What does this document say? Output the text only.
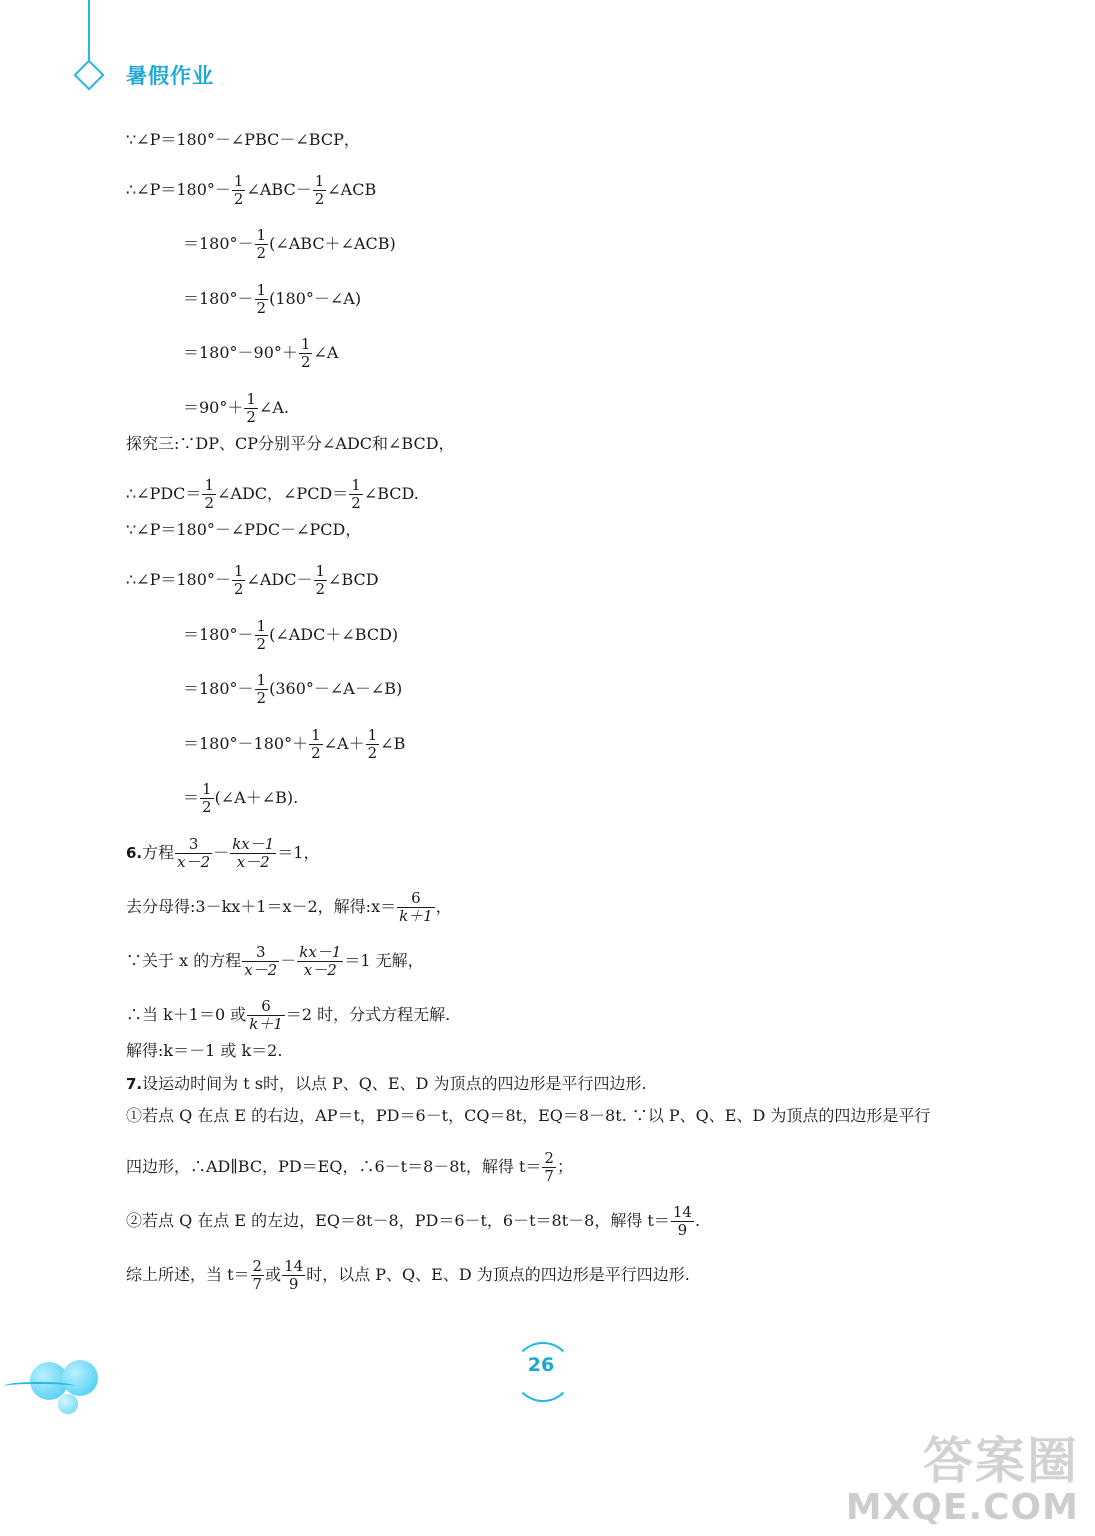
暑假作业
∵∠P＝180°－∠PBC－∠BCP，
∴∠P＝180°－ $\frac{1}{2}$ ∠ABC－ $\frac{1}{2}$ ∠ACB
$=180^\circ- \frac{1}{2}$ (∠ABC＋∠ACB)
$=180^\circ- \frac{1}{2}$ (180°－∠A)
$=180^\circ-90^\circ+ \frac{1}{2}$ ∠A
$=90^\circ+ \frac{1}{2}$ ∠A.
探究三:∵DP、CP分别平分∠ADC和∠BCD，
∴∠PDC＝ $\frac{1}{2}$ ∠ADC，∠PCD＝ $\frac{1}{2}$ ∠BCD.
∵∠P＝180°－∠PDC－∠PCD，
∴∠P＝180°－ $\frac{1}{2}$ ∠ADC－ $\frac{1}{2}$ ∠BCD
$=180^\circ- \frac{1}{2}$ (∠ADC＋∠BCD)
$=180^\circ- \frac{1}{2}$ (360°－∠A－∠B)
$=180^\circ-180^\circ+ \frac{1}{2}$ ∠A＋ $\frac{1}{2}$ ∠B
＝ $\frac{1}{2}$ (∠A＋∠B).
6.方程 $\frac{3}{x-2} - \frac{kx-1}{x-2} =1$，
去分母得:3－kx＋1＝x－2，解得:x＝ $\frac{6}{k+1}$ ，
∵关于 x 的方程 $\frac{3}{x-2} - \frac{kx-1}{x-2} =1$ 无解，
∴当 k＋1＝0 或 $\frac{6}{k+1} =2$ 时，分式方程无解.
解得:k＝－1 或 k＝2.
7.设运动时间为 t s时，以点 P、Q、E、D 为顶点的四边形是平行四边形.
①若点 Q 在点 E 的右边，AP＝t，PD＝6－t，CQ＝8t，EQ＝8－8t. ∵以 P、Q、E、D 为顶点的四边形是平行
四边形，∴AD∥BC，PD＝EQ，∴6－t＝8－8t，解得 $t= \frac{2}{7}$ ；
②若点 Q 在点 E 的左边，EQ＝8t－8，PD＝6－t，6－t＝8t－8，解得 $t= \frac{14}{9}$ .
综上所述，当 $t= \frac{2}{7}$ 或 $\frac{14}{9}$ 时，以点 P、Q、E、D 为顶点的四边形是平行四边形.
26
答案圈
MXQE.COM
